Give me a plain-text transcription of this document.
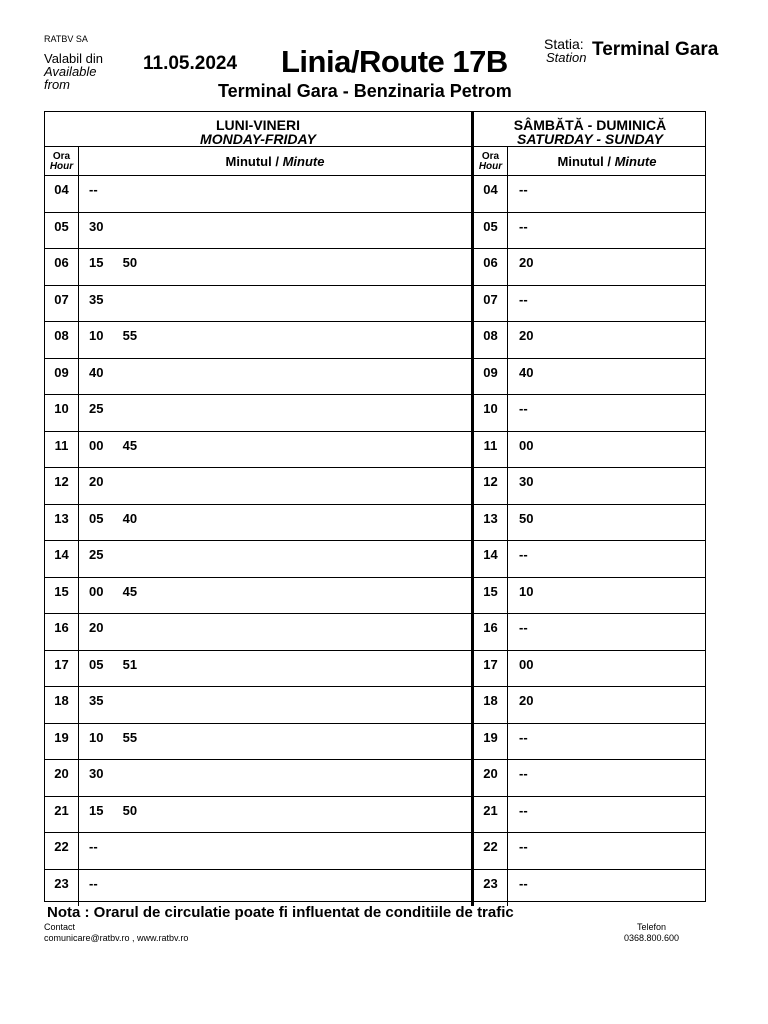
RATBV SA
Valabil din
Available
from
11.05.2024 Linia/Route 17B	Statia:
Station Terminal Gara
Terminal Gara - Benzinaria Petrom
LUNI-VINERI
MONDAY-FRIDAY
SÂMBĂTĂ - DUMINICĂ
SATURDAY - SUNDAY
Ora
Hour	Minutul / Minute	Ora
Hour	Minutul / Minute
04	--
05	30
06	15  50
07	35
08	10  55
09	40
10	25
11	00  45
12	20
13	05  40
14	25
15	00  45
16	20
17	05  51
18	35
19	10  55
20	30
21	15  50
22	--
23	--
04	--
05	--
06	20
07	--
08	20
09	40
10	--
11	00
12	30
13	50
14	--
15	10
16	--
17	00
18	20
19	--
20	--
21	--
22	--
23	--
Nota : Orarul de circulatie poate fi influentat de conditiile de trafic
Contact
comunicare@ratbv.ro , www.ratbv.ro
Telefon
0368.800.600
